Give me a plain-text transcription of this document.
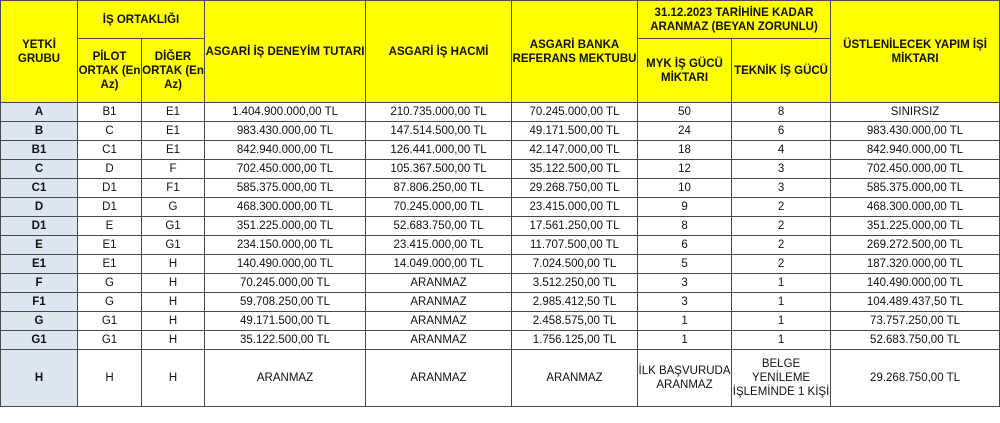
YETKİ GRUBU	İŞ ORTAKLIĞI		ASGARİ İŞ DENEYİM TUTARI	ASGARİ İŞ HACMİ	ASGARİ BANKA REFERANS MEKTUBU	31.12.2023 TARİHİNE KADAR ARANMAZ (BEYAN ZORUNLU)		ÜSTLENİLECEK YAPIM İŞİ MİKTARI
	PİLOT ORTAK (En Az)	DİĞER ORTAK (En Az)				MYK İŞ GÜCÜ MİKTARI	TEKNİK İŞ GÜCÜ	
A	B1	E1	1.404.900.000,00 TL	210.735.000,00 TL	70.245.000,00 TL	50	8	SINIRSIZ
B	C	E1	983.430.000,00 TL	147.514.500,00 TL	49.171.500,00 TL	24	6	983.430.000,00 TL
B1	C1	E1	842.940.000,00 TL	126.441.000,00 TL	42.147.000,00 TL	18	4	842.940.000,00 TL
C	D	F	702.450.000,00 TL	105.367.500,00 TL	35.122.500,00 TL	12	3	702.450.000,00 TL
C1	D1	F1	585.375.000,00 TL	87.806.250,00 TL	29.268.750,00 TL	10	3	585.375.000,00 TL
D	D1	G	468.300.000,00 TL	70.245.000,00 TL	23.415.000,00 TL	9	2	468.300.000,00 TL
D1	E	G1	351.225.000,00 TL	52.683.750,00 TL	17.561.250,00 TL	8	2	351.225.000,00 TL
E	E1	G1	234.150.000,00 TL	23.415.000,00 TL	11.707.500,00 TL	6	2	269.272.500,00 TL
E1	E1	H	140.490.000,00 TL	14.049.000,00 TL	7.024.500,00 TL	5	2	187.320.000,00 TL
F	G	H	70.245.000,00 TL	ARANMAZ	3.512.250,00 TL	3	1	140.490.000,00 TL
F1	G	H	59.708.250,00 TL	ARANMAZ	2.985.412,50 TL	3	1	104.489.437,50 TL
G	G1	H	49.171.500,00 TL	ARANMAZ	2.458.575,00 TL	1	1	73.757.250,00 TL
G1	G1	H	35.122.500,00 TL	ARANMAZ	1.756.125,00 TL	1	1	52.683.750,00 TL
H	H	H	ARANMAZ	ARANMAZ	ARANMAZ	İLK BAŞVURUDA ARANMAZ	BELGE YENİLEME İŞLEMİNDE 1 KİŞİ	29.268.750,00 TL
